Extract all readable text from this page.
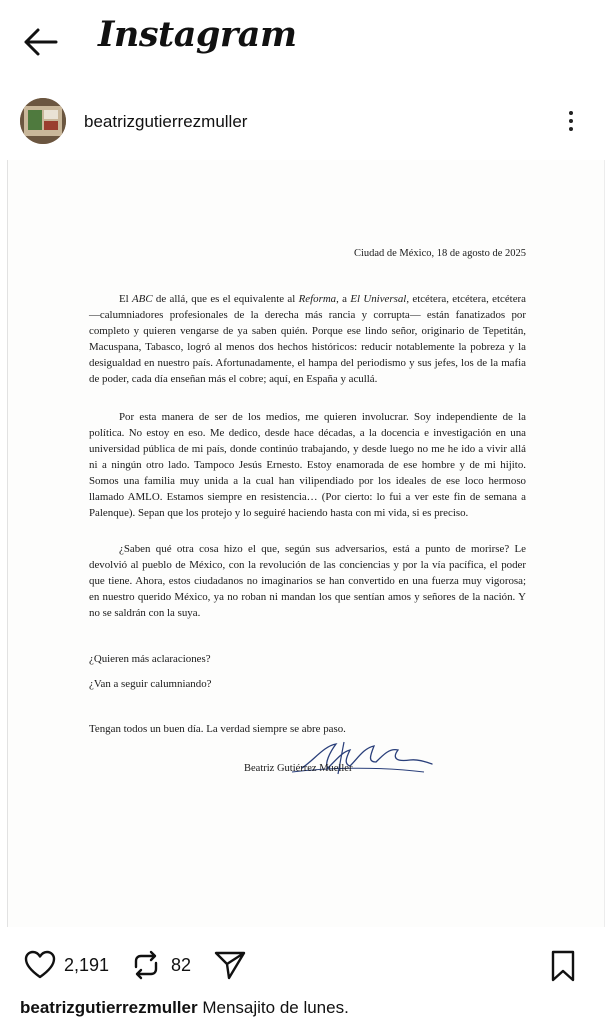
Instagram
beatrizgutierrezmuller
Ciudad de México, 18 de agosto de 2025

El ABC de allá, que es el equivalente al Reforma, a El Universal, etcétera, etcétera, etcétera —calumniadores profesionales de la derecha más rancia y corrupta— están fanatizados por completo y quieren vengarse de ya saben quién. Porque ese lindo señor, originario de Tepetitán, Macuspana, Tabasco, logró al menos dos hechos históricos: reducir notablemente la pobreza y la desigualdad en nuestro país. Afortunadamente, el hampa del periodismo y sus jefes, los de la mafia de poder, cada día enseñan más el cobre; aquí, en España y acullá.

Por esta manera de ser de los medios, me quieren involucrar. Soy independiente de la política. No estoy en eso. Me dedico, desde hace décadas, a la docencia e investigación en una universidad pública de mi país, donde continúo trabajando, y desde luego no me he ido a vivir allá ni a ningún otro lado. Tampoco Jesús Ernesto. Estoy enamorada de ese hombre y de mi hijito. Somos una familia muy unida a la cual han vilipendiado por los ideales de ese loco hermoso llamado AMLO. Estamos siempre en resistencia… (Por cierto: lo fui a ver este fin de semana a Palenque). Sepan que los protejo y lo seguiré haciendo hasta con mi vida, si es preciso.

¿Saben qué otra cosa hizo el que, según sus adversarios, está a punto de morirse? Le devolvió al pueblo de México, con la revolución de las conciencias y por la vía pacífica, el poder que tiene. Ahora, estos ciudadanos no imaginarios se han convertido en una fuerza muy vigorosa; en nuestro querido México, ya no roban ni mandan los que sentían amos y señores de la nación. Y no se saldrán con la suya.

¿Quieren más aclaraciones?
¿Van a seguir calumniando?
Tengan todos un buen día. La verdad siempre se abre paso.
Beatriz Gutiérrez Mueller
2,191	82
beatrizgutierrezmuller Mensajito de lunes.
